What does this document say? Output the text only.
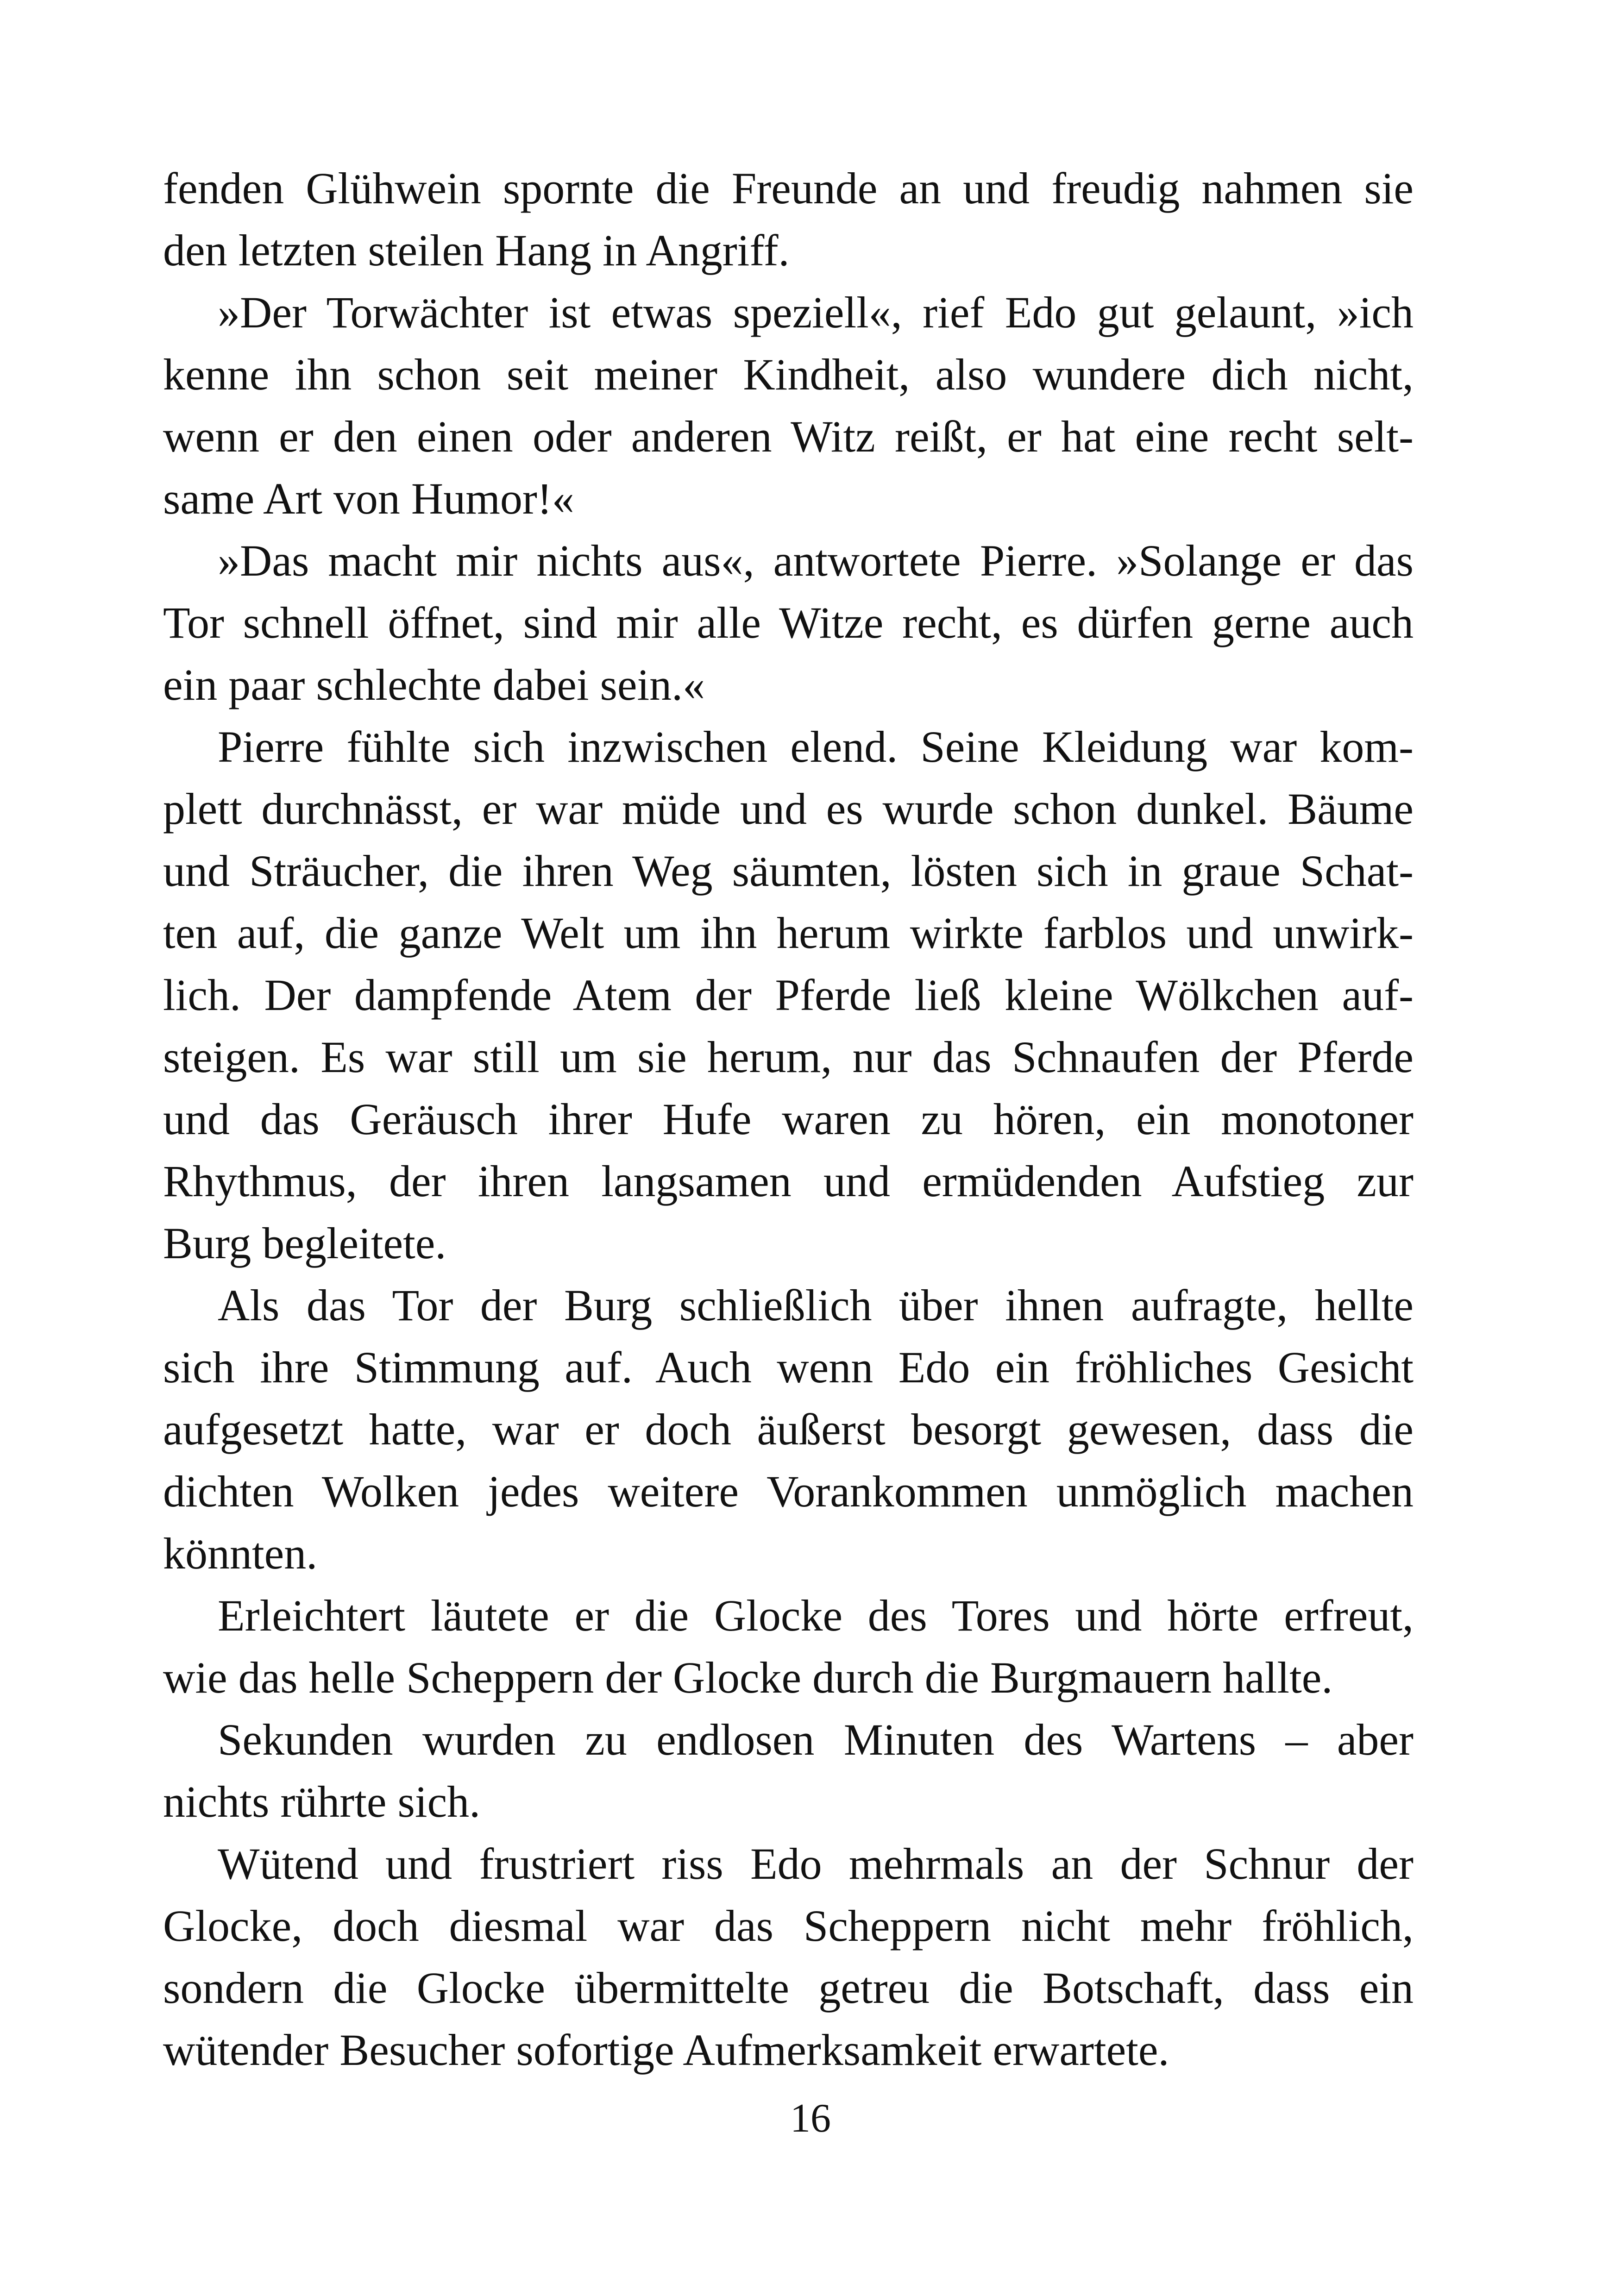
fenden Glühwein spornte die Freunde an und freudig nahmen sie
den letzten steilen Hang in Angriff.

»Der Torwächter ist etwas speziell«, rief Edo gut gelaunt, »ich
kenne ihn schon seit meiner Kindheit, also wundere dich nicht,
wenn er den einen oder anderen Witz reißt, er hat eine recht selt-
same Art von Humor!«

»Das macht mir nichts aus«, antwortete Pierre. »Solange er das
Tor schnell öffnet, sind mir alle Witze recht, es dürfen gerne auch
ein paar schlechte dabei sein.«

Pierre fühlte sich inzwischen elend. Seine Kleidung war kom-
plett durchnässt, er war müde und es wurde schon dunkel. Bäume
und Sträucher, die ihren Weg säumten, lösten sich in graue Schat-
ten auf, die ganze Welt um ihn herum wirkte farblos und unwirk-
lich. Der dampfende Atem der Pferde ließ kleine Wölkchen auf-
steigen. Es war still um sie herum, nur das Schnaufen der Pferde
und das Geräusch ihrer Hufe waren zu hören, ein monotoner
Rhythmus, der ihren langsamen und ermüdenden Aufstieg zur
Burg begleitete.

Als das Tor der Burg schließlich über ihnen aufragte, hellte
sich ihre Stimmung auf. Auch wenn Edo ein fröhliches Gesicht
aufgesetzt hatte, war er doch äußerst besorgt gewesen, dass die
dichten Wolken jedes weitere Vorankommen unmöglich machen
könnten.

Erleichtert läutete er die Glocke des Tores und hörte erfreut,
wie das helle Scheppern der Glocke durch die Burgmauern hallte.

Sekunden wurden zu endlosen Minuten des Wartens – aber
nichts rührte sich.

Wütend und frustriert riss Edo mehrmals an der Schnur der
Glocke, doch diesmal war das Scheppern nicht mehr fröhlich,
sondern die Glocke übermittelte getreu die Botschaft, dass ein
wütender Besucher sofortige Aufmerksamkeit erwartete.

16
